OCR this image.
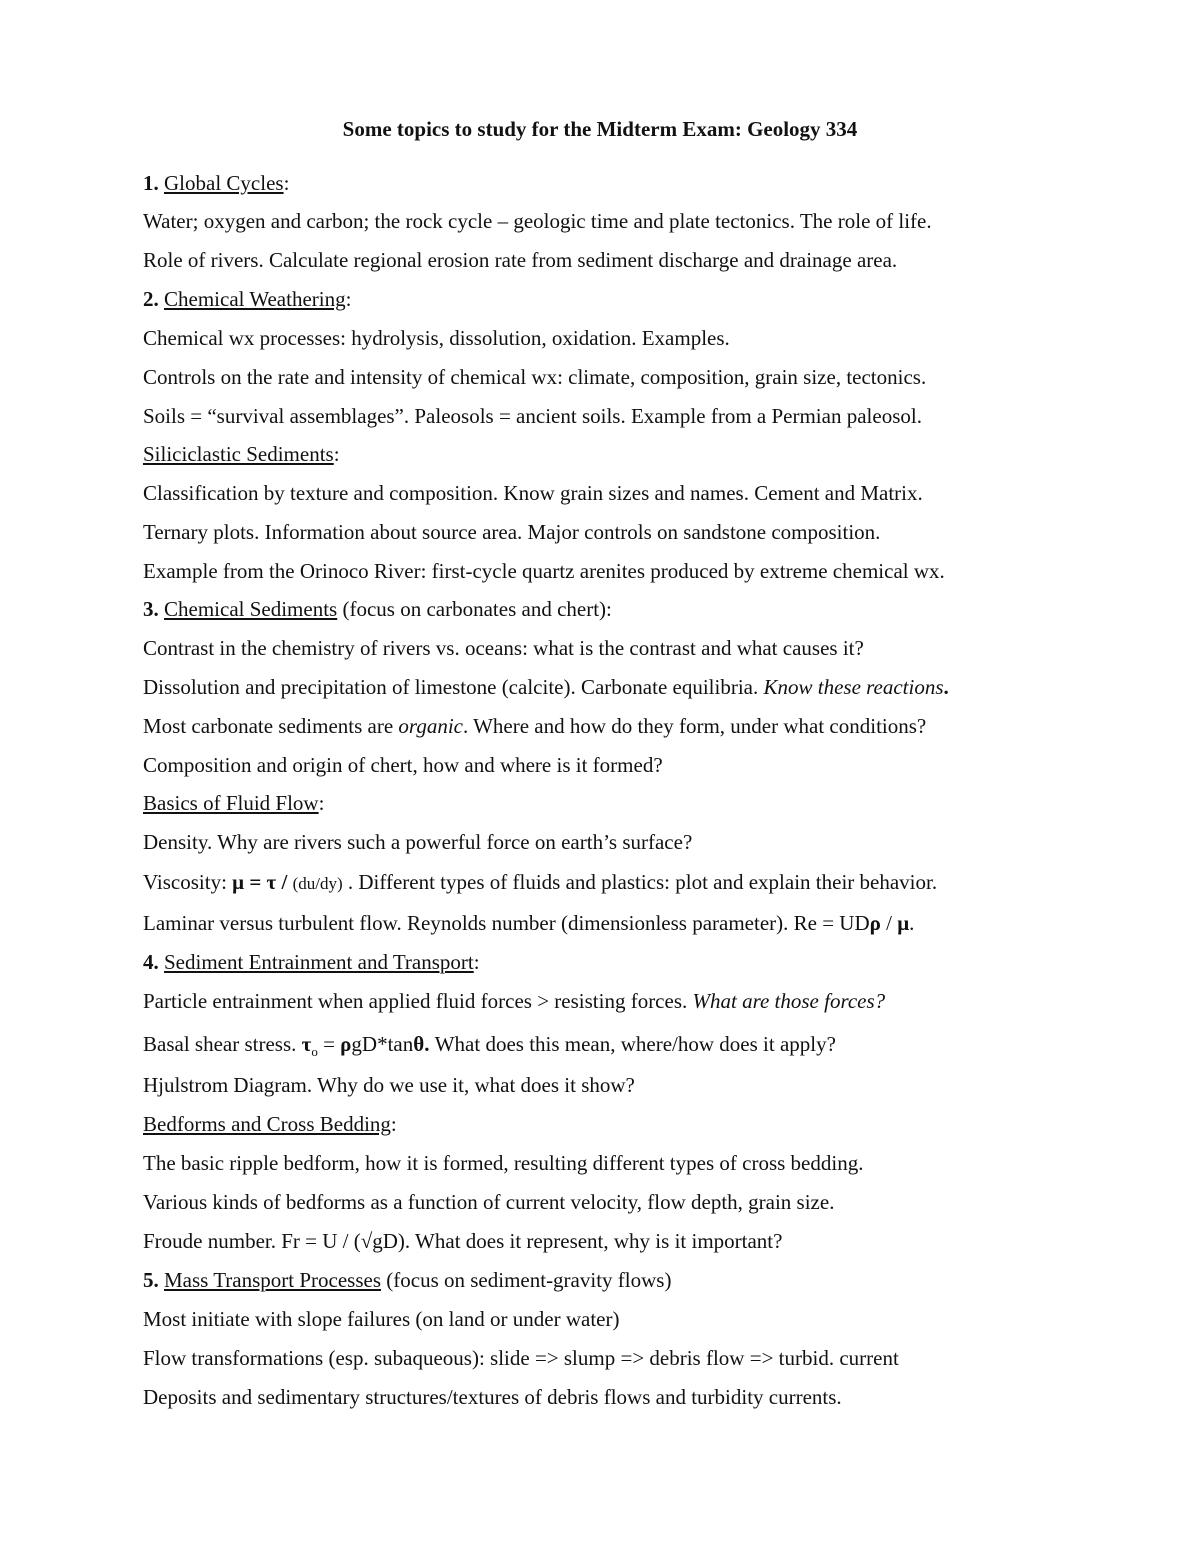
Some topics to study for the Midterm Exam: Geology 334
1. Global Cycles:
Water; oxygen and carbon; the rock cycle – geologic time and plate tectonics. The role of life.
Role of rivers. Calculate regional erosion rate from sediment discharge and drainage area.
2. Chemical Weathering:
Chemical wx processes: hydrolysis, dissolution, oxidation. Examples.
Controls on the rate and intensity of chemical wx: climate, composition, grain size, tectonics.
Soils = “survival assemblages”. Paleosols = ancient soils. Example from a Permian paleosol.
Siliciclastic Sediments:
Classification by texture and composition. Know grain sizes and names. Cement and Matrix.
Ternary plots. Information about source area. Major controls on sandstone composition.
Example from the Orinoco River: first-cycle quartz arenites produced by extreme chemical wx.
3. Chemical Sediments (focus on carbonates and chert):
Contrast in the chemistry of rivers vs. oceans: what is the contrast and what causes it?
Dissolution and precipitation of limestone (calcite). Carbonate equilibria. Know these reactions.
Most carbonate sediments are organic. Where and how do they form, under what conditions?
Composition and origin of chert, how and where is it formed?
Basics of Fluid Flow:
Density. Why are rivers such a powerful force on earth’s surface?
Viscosity: μ = τ / (du/dy) . Different types of fluids and plastics: plot and explain their behavior.
Laminar versus turbulent flow. Reynolds number (dimensionless parameter). Re = UDρ / μ.
4. Sediment Entrainment and Transport:
Particle entrainment when applied fluid forces > resisting forces. What are those forces?
Basal shear stress. $\tau_o = \rho gD*\tan\theta$. What does this mean, where/how does it apply?
Hjulstrom Diagram. Why do we use it, what does it show?
Bedforms and Cross Bedding:
The basic ripple bedform, how it is formed, resulting different types of cross bedding.
Various kinds of bedforms as a function of current velocity, flow depth, grain size.
Froude number. Fr = U / (√gD). What does it represent, why is it important?
5. Mass Transport Processes (focus on sediment-gravity flows)
Most initiate with slope failures (on land or under water)
Flow transformations (esp. subaqueous): slide => slump => debris flow => turbid. current
Deposits and sedimentary structures/textures of debris flows and turbidity currents.
